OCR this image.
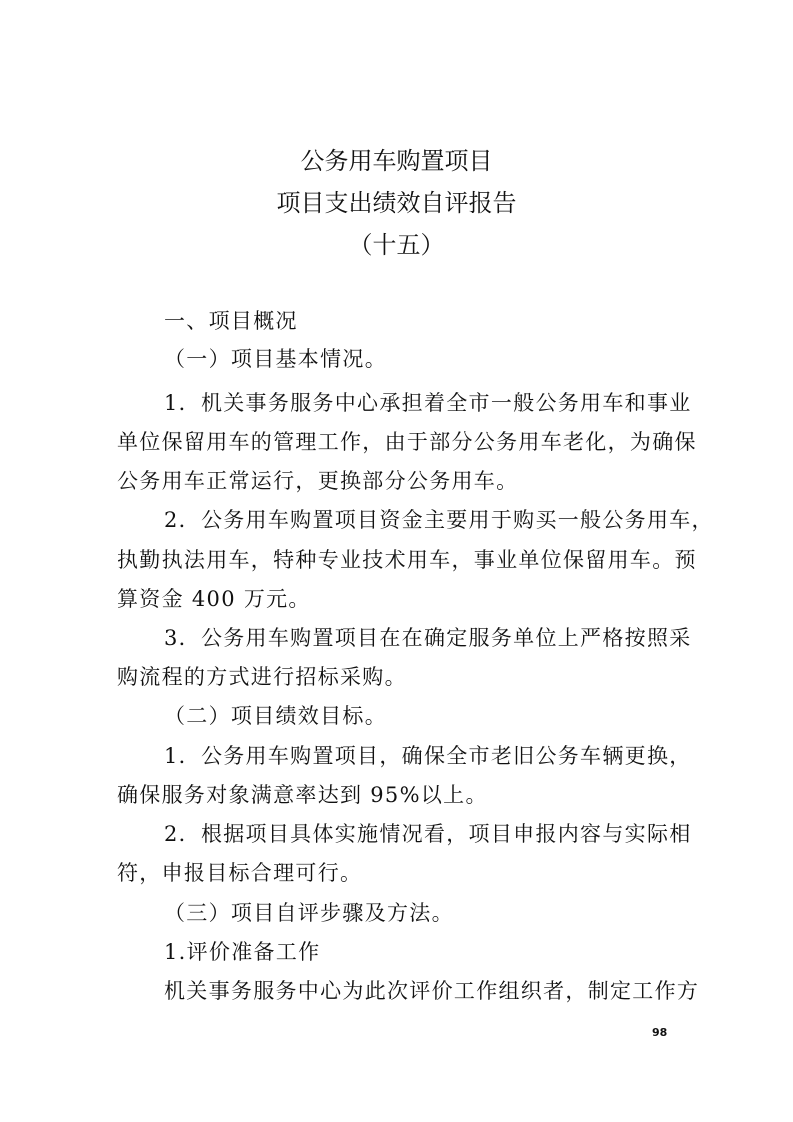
公务用车购置项目
项目支出绩效自评报告
（十五）
一、项目概况
（一）项目基本情况。
1．机关事务服务中心承担着全市一般公务用车和事业
单位保留用车的管理工作，由于部分公务用车老化，为确保
公务用车正常运行，更换部分公务用车。
2．公务用车购置项目资金主要用于购买一般公务用车，
执勤执法用车，特种专业技术用车，事业单位保留用车。预
算资金 400 万元。
3．公务用车购置项目在在确定服务单位上严格按照采
购流程的方式进行招标采购。
（二）项目绩效目标。
1．公务用车购置项目，确保全市老旧公务车辆更换，
确保服务对象满意率达到 95%以上。
2．根据项目具体实施情况看，项目申报内容与实际相
符，申报目标合理可行。
（三）项目自评步骤及方法。
1.评价准备工作
机关事务服务中心为此次评价工作组织者，制定工作方
98
